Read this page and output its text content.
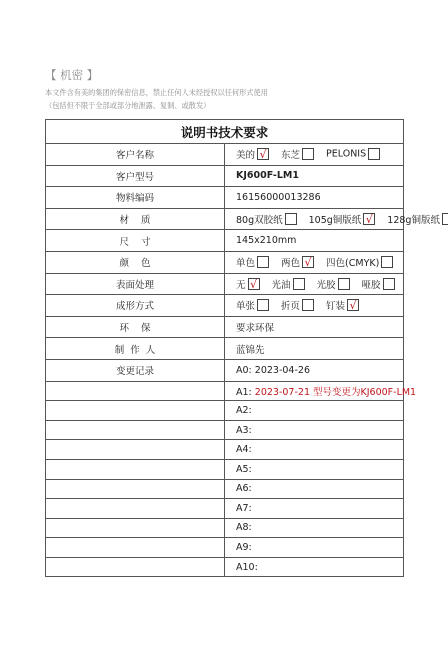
【 机密 】
本文件含有美的集团的保密信息，禁止任何人未经授权以任何形式使用
（包括但不限于全部或部分地泄露、复制、或散发）
说明书技术要求	
客户名称	美的 √ 东芝 PELONIS
客户型号	KJ600F-LM1
物料编码	16156000013286
材    质	80g双胶纸 105g铜版纸 √ 128g铜版纸
尺    寸	145x210mm
颜    色	单色 两色 √ 四色(CMYK)
表面处理	无 √ 光油 光胶 哑胶
成形方式	单张 折页 钉装 √
环    保	要求环保
制  作  人	蓝锦先
变更记录	A0: 2023-04-26
	A1: 2023-07-21 型号变更为KJ600F-LM1
	A2:
	A3:
	A4:
	A5:
	A6:
	A7:
	A8:
	A9:
	A10:
